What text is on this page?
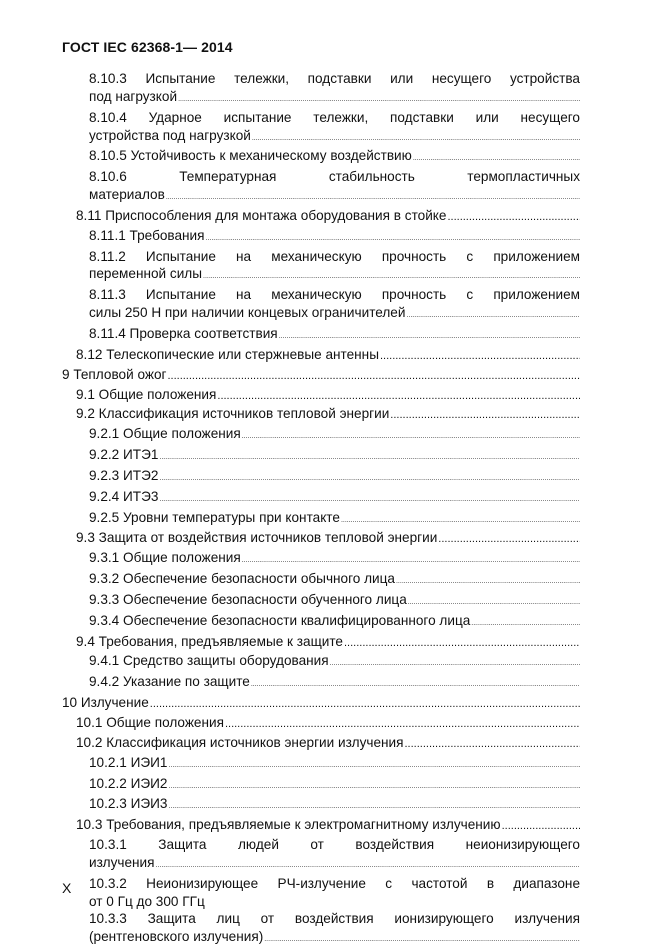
ГОСТ IEC 62368-1— 2014
8.10.3 Испытание тележки, подставки или несущего устройства
под нагрузкой
.....
8.10.4 Ударное испытание тележки, подставки или несущего
устройства под нагрузкой
.....
8.10.5 Устойчивость к механическому воздействию
.....
8.10.6 Температурная стабильность термопластичных
материалов
.....
8.11 Приспособления для монтажа оборудования в стойке
.....
8.11.1 Требования
.....
8.11.2 Испытание на механическую прочность с приложением
переменной силы
.....
8.11.3 Испытание на механическую прочность с приложением
силы 250 Н при наличии концевых ограничителей
.....
8.11.4 Проверка соответствия
.....
8.12 Телескопические или стержневые антенны
.....
9 Тепловой ожог
.....
9.1 Общие положения
.....
9.2 Классификация источников тепловой энергии
.....
9.2.1 Общие положения
.....
9.2.2 ИТЭ1
.....
9.2.3 ИТЭ2
.....
9.2.4 ИТЭ3
.....
9.2.5 Уровни температуры при контакте
.....
9.3 Защита от воздействия источников тепловой энергии
.....
9.3.1 Общие положения
.....
9.3.2 Обеспечение безопасности обычного лица
.....
9.3.3 Обеспечение безопасности обученного лица
.....
9.3.4 Обеспечение безопасности квалифицированного лица
.....
9.4 Требования, предъявляемые к защите
.....
9.4.1 Средство защиты оборудования
.....
9.4.2 Указание по защите
.....
10 Излучение
.....
10.1 Общие положения
.....
10.2 Классификация источников энергии излучения
.....
10.2.1 ИЭИ1
.....
10.2.2 ИЭИ2
.....
10.2.3 ИЭИ3
.....
10.3 Требования, предъявляемые к электромагнитному излучению
.....
10.3.1 Защита людей от воздействия неионизирующего
излучения
.....
10.3.2 Неионизирующее РЧ-излучение с частотой в диапазоне
от 0 Гц до 300 ГГц
10.3.3 Защита лиц от воздействия ионизирующего излучения
(рентгеновского излучения)
.....
X
